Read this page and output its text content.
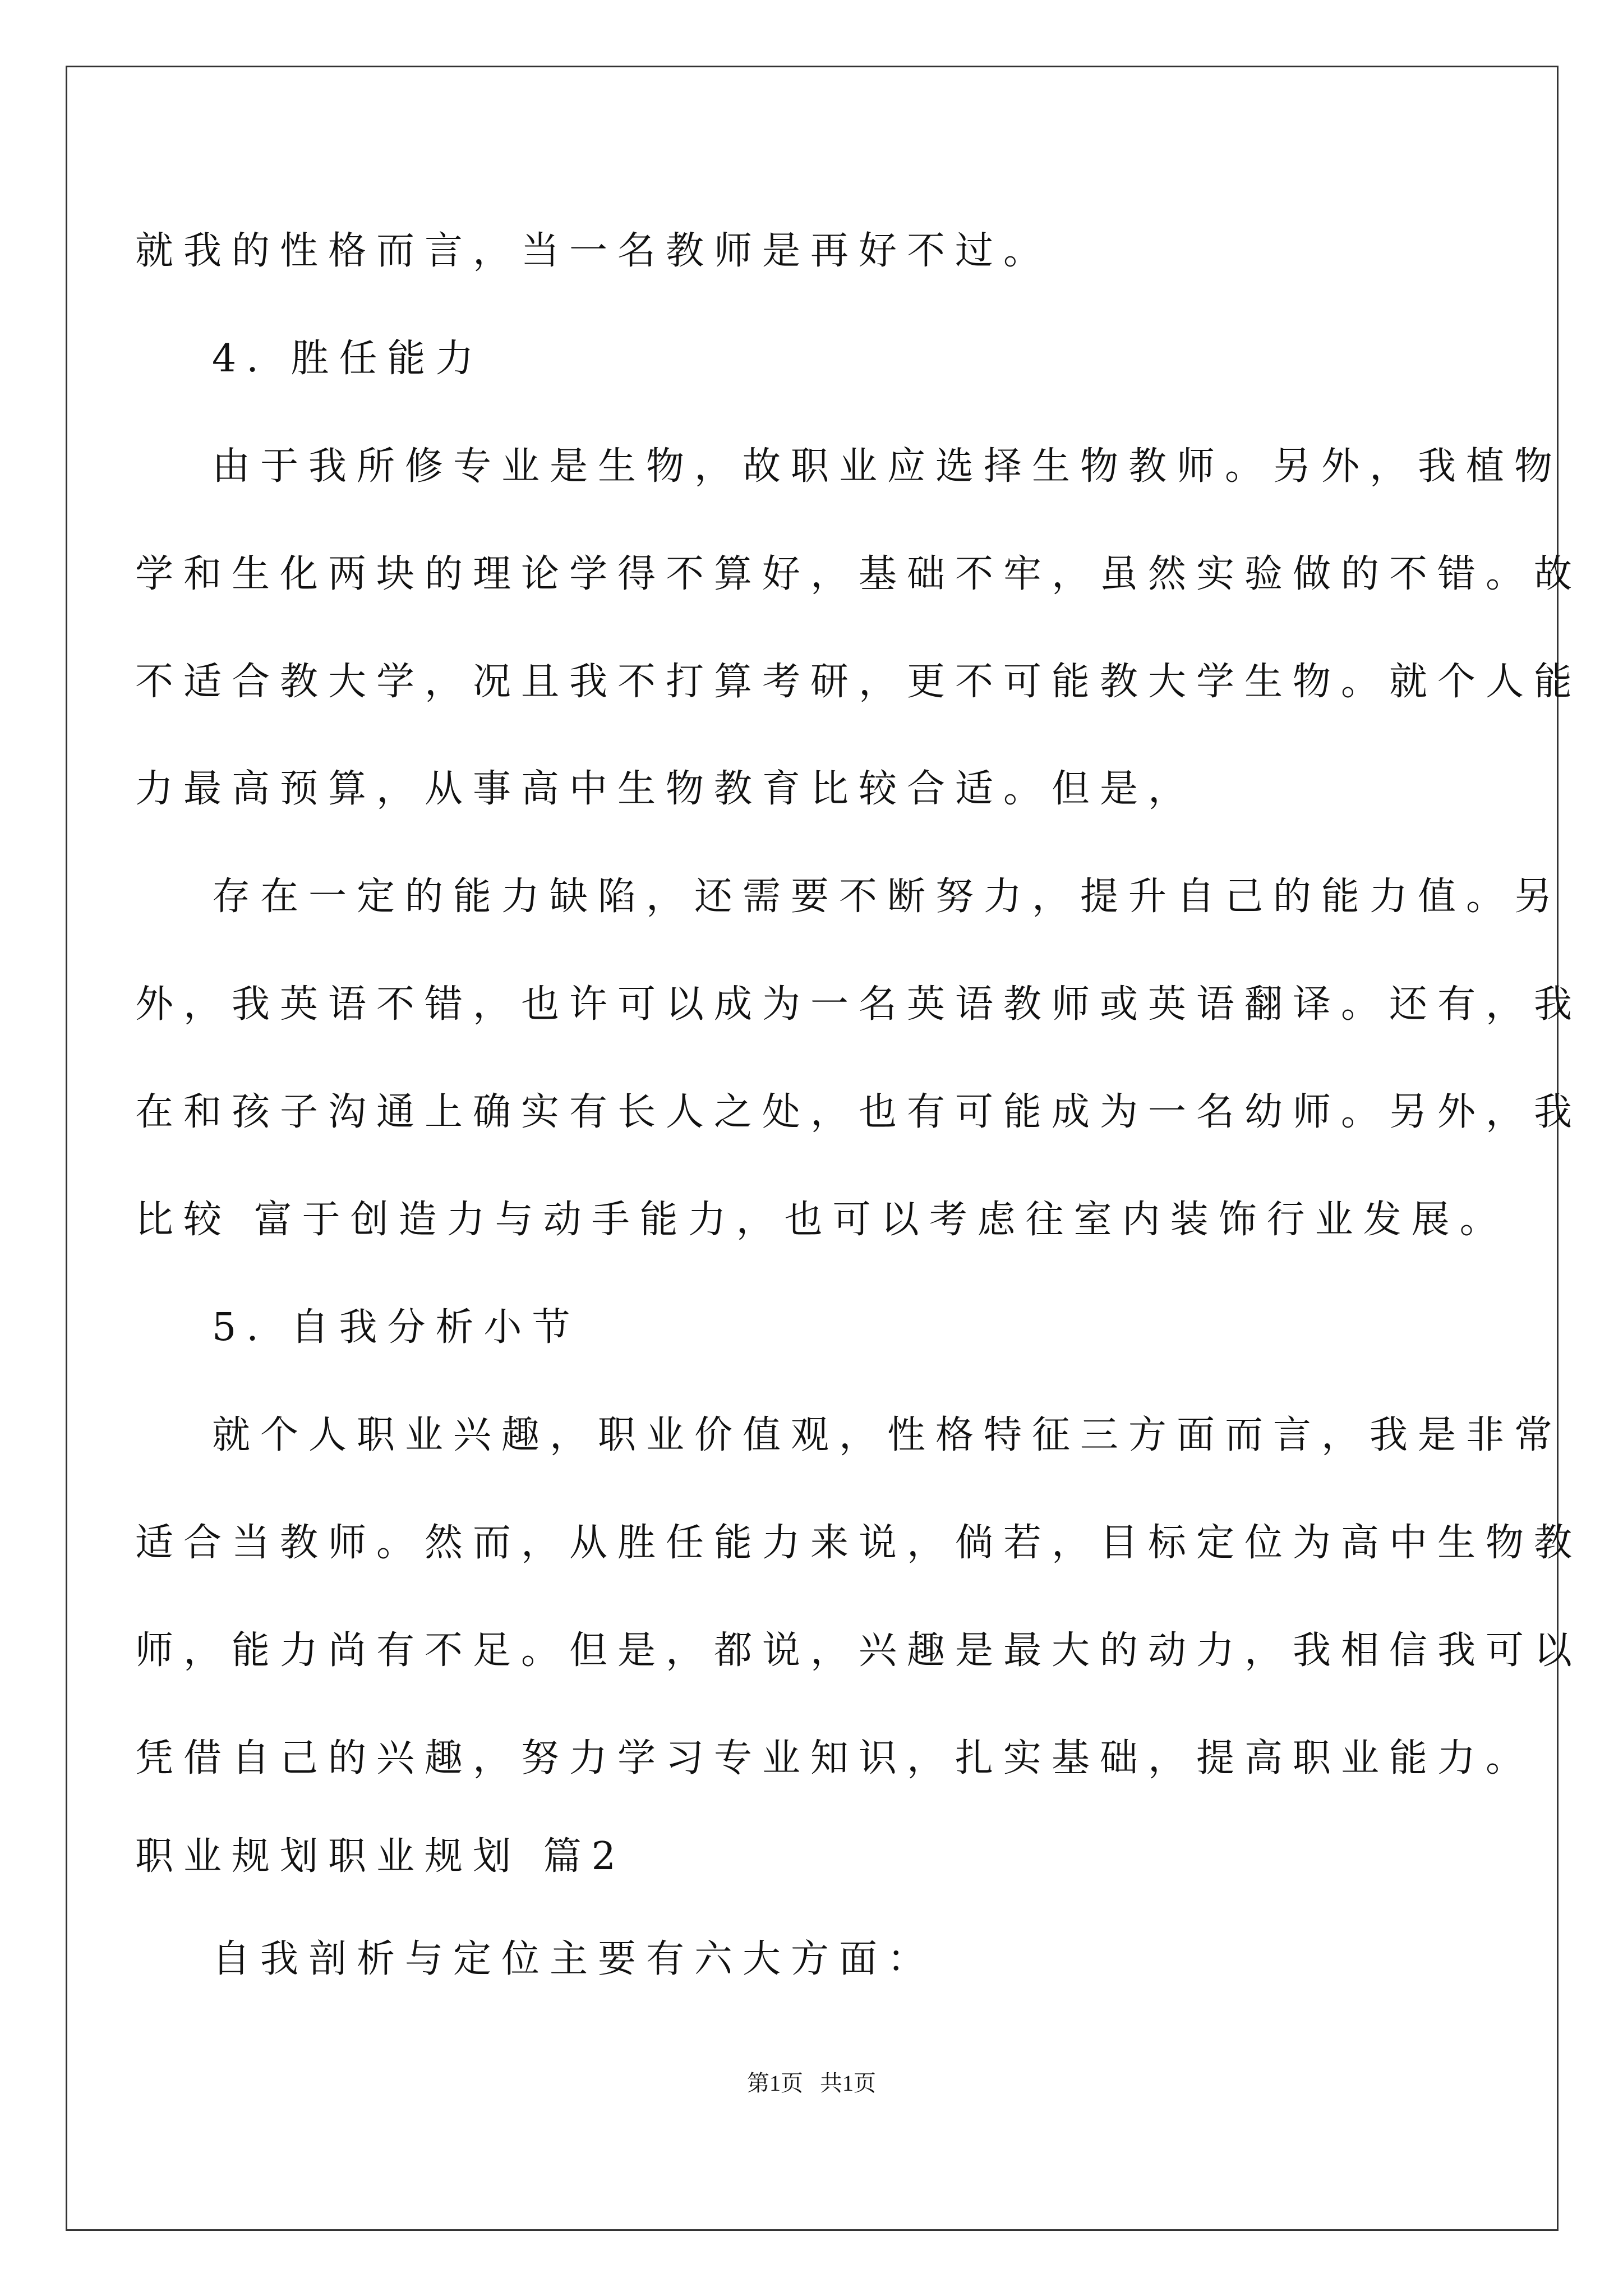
就我的性格而言，当一名教师是再好不过。
4. 胜任能力
由于我所修专业是生物，故职业应选择生物教师。另外，我植物
学和生化两块的理论学得不算好，基础不牢，虽然实验做的不错。故
不适合教大学，况且我不打算考研，更不可能教大学生物。就个人能
力最高预算，从事高中生物教育比较合适。但是，
存在一定的能力缺陷，还需要不断努力，提升自己的能力值。另
外，我英语不错，也许可以成为一名英语教师或英语翻译。还有，我
在和孩子沟通上确实有长人之处，也有可能成为一名幼师。另外，我
比较 富于创造力与动手能力，也可以考虑往室内装饰行业发展。
5. 自我分析小节
就个人职业兴趣，职业价值观，性格特征三方面而言，我是非常
适合当教师。然而，从胜任能力来说，倘若，目标定位为高中生物教
师，能力尚有不足。但是，都说，兴趣是最大的动力，我相信我可以
凭借自己的兴趣，努力学习专业知识，扎实基础，提高职业能力。
职业规划职业规划 篇2
自我剖析与定位主要有六大方面：
第1页   共1页
